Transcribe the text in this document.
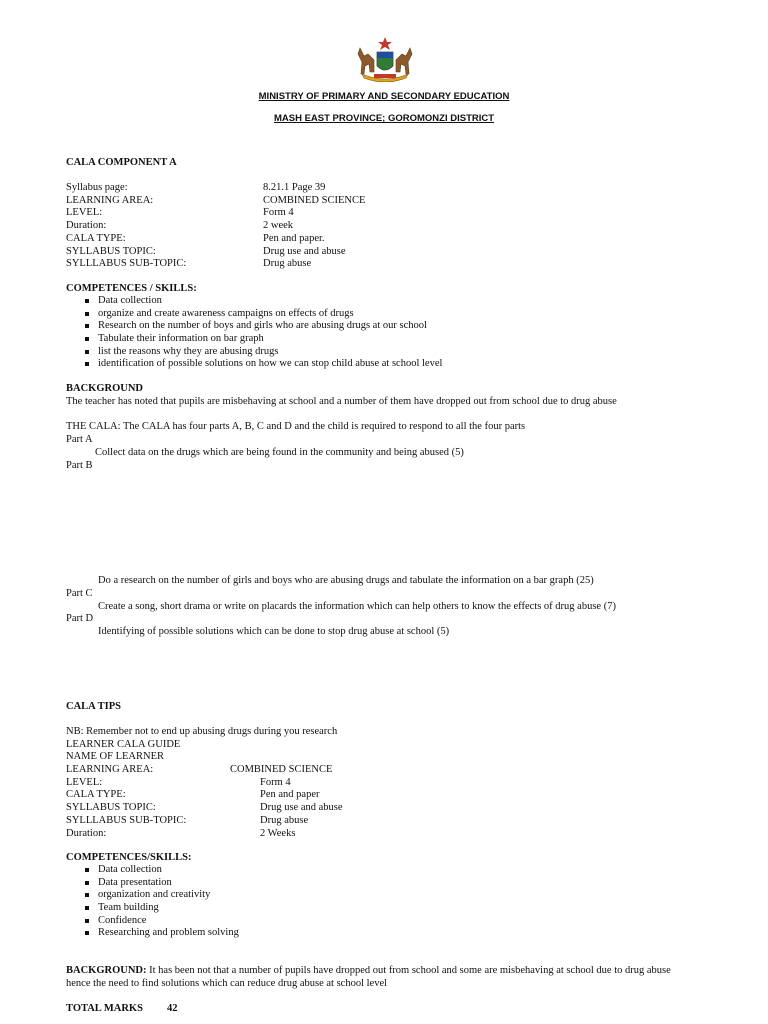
MINISTRY OF PRIMARY AND SECONDARY EDUCATION
MASH EAST PROVINCE; GOROMONZI DISTRICT
CALA COMPONENT A
Syllabus page:	8.21.1 Page 39
LEARNING AREA:	COMBINED SCIENCE
LEVEL:	Form 4
Duration:	2 week
CALA TYPE:	Pen and paper.
SYLLABUS TOPIC:	Drug use and abuse
SYLLLABUS SUB-TOPIC:	Drug abuse
COMPETENCES / SKILLS:
Data collection
organize and create awareness campaigns on effects of drugs
Research on the number of boys and girls who are abusing drugs at our school
Tabulate their information on bar graph
list the reasons why they are abusing drugs
identification of possible solutions on how we can stop child abuse at school level
BACKGROUND
The teacher has noted that pupils are misbehaving at school and a number of them have dropped out from school due to drug abuse
THE CALA: The CALA has four parts A, B, C and D and the child is required to respond to all the four parts
Part A
Collect data on the drugs which are being found in the community and being abused (5)
Part B
Do a research on the number of girls and boys who are abusing drugs and tabulate the information on a bar graph (25)
Part C
Create a song, short drama or write on placards the information which can help others to know the effects of drug abuse (7)
Part D
Identifying of possible solutions which can be done to stop drug abuse at school (5)
CALA TIPS
NB: Remember not to end up abusing drugs during you research
LEARNER CALA GUIDE
NAME OF LEARNER
LEARNING AREA:	COMBINED SCIENCE
LEVEL:	Form 4
CALA TYPE:	Pen and paper
SYLLABUS TOPIC:	Drug use and abuse
SYLLLABUS SUB-TOPIC:	Drug abuse
Duration:	2 Weeks
COMPETENCES/SKILLS:
Data collection
Data presentation
organization and creativity
Team building
Confidence
Researching and problem solving
BACKGROUND: It has been not that a number of pupils have dropped out from school and some are misbehaving at school due to drug abuse
hence the need to find solutions which can reduce drug abuse at school level
TOTAL MARKS 42
